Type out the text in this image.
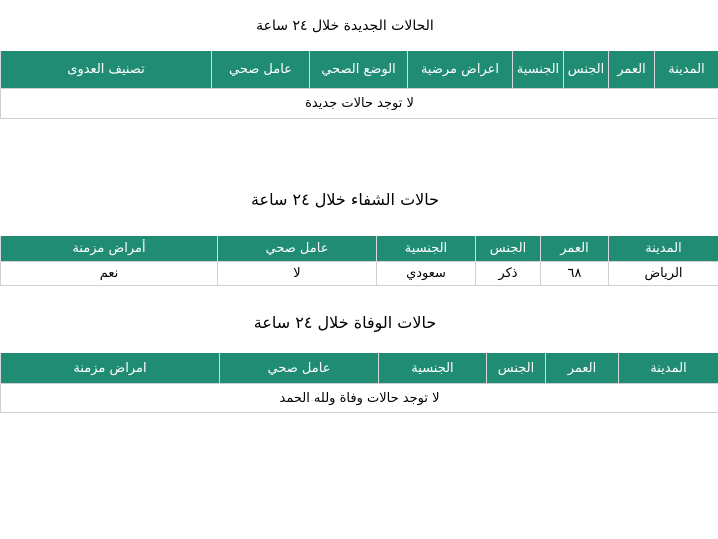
الحالات الجديدة خلال ٢٤ ساعة
المدينة	العمر	الجنس	الجنسية	اعراض مرضية	الوضع الصحي	عامل صحي	تصنيف العدوى
لا توجد حالات جديدة
حالات الشفاء خلال ٢٤ ساعة
المدينة	العمر	الجنس	الجنسية	عامل صحي	أمراض مزمنة
الرياض	٦٨	ذكر	سعودي	لا	نعم
حالات الوفاة خلال ٢٤ ساعة
المدينة	العمر	الجنس	الجنسية	عامل صحي	امراض مزمنة
لا توجد حالات وفاة ولله الحمد
